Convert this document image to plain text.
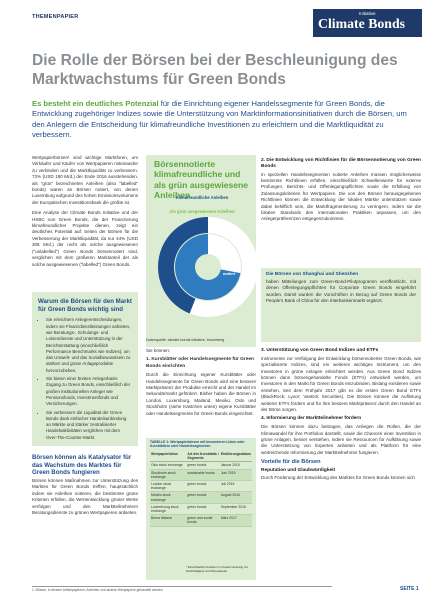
THEMENPAPIER
Initiative
Climate Bonds
Die Rolle der Börsen bei der Beschleunigung des Marktwachstums für Green Bonds

Es besteht ein deutliches Potenzial für die Einrichtung eigener Handelssegmente für Green Bonds, die Entwicklung zugehöriger Indizes sowie die Unterstützung von Marktinformationsinitiativen durch die Börsen, um den Anlegern die Entscheidung für klimafreundliche Investitionen zu erleichtern und die Marktliquidität zu verbessern.

Wertpapierbörsen¹ sind wichtige Marktforen, um Verkäufer und Käufer von Wertpapieren miteinander zu verbinden und die Marktliquidität zu verbessern. 72% (USD 180 Mrd.) der Ende 2016 ausstehenden, als "grün" bezeichneten Anleihen (also "labelled" bonds) waren an Börsen notiert, von denen Luxemburg aufgrund des hohen Emissionsvolumens der Europäischen Investitionsbank die größte ist.

Eine Analyse der Climate Bonds Initiative und der HSBC von Green Bonds, die der Finanzierung klimafreundlicher Projekte dienen, zeigt ein deutliches Potential auf: Seiten der Börsen für die Verbesserung der Marktliquidität, da nur 44% (USD 308 Mrd.) der nicht als solche ausgewiesenen ("unlabelled") Green Bonds börsennotiert sind, verglichen mit dem größeren Marktanteil der als solche ausgewiesenen ("labelled") Green Bonds.

Warum die Börsen für den Markt für Green Bonds wichtig sind
• Sie erleichtern Anlegerentscheidungen, indem sie Finanzdienstleistungen anbieten, wie Beratungs-, Schulungs- und Lotsendienste und Unterstützung in der Berichterstattung (einschließlich Performance Benchmarks wie Indizes), um das Umwelt- und das Sozialbewusstsein zu stärken und grüne Anlageprodukte hervorzuheben.
• Sie bieten einer breiten Anlegerbasis Zugang zu Green Bonds, einschließlich der großen institutionellen Anleger wie Pensionsfonds, Investmentfonds und Versicherungen.
• Sie verbessern die Liquidität der Green Bonds dank einfacher Handelsanbindung an Märkte und stärker zentralisierter Handelsaktivitäten verglichen mit dem Over-The-Counter-Markt.
Börsen können als Katalysator für das Wachstum des Marktes für Green Bonds fungieren
Börsen können Maßnahmen zur Unterstützung des Marktes für Green Bonds treffen, hauptsächlich indem sie Anleihen notieren, die bestimmte grüne Kriterien erfüllen, die Wertentwicklung grüner Werte verfolgen und den Marktteilnehmern Beratungsdienste zu grünen Wertpapieren anbieten.
Börsennotierte klimafreundliche und als grün ausgewiesene Anleihen
Klimafreundliche Anleihen
Als grün ausgewiesene Anleihen
44%
notiert
72%
notiert
Datenquelle: climate bonds initiative, bloomberg

Sie können:

1. Kursblätter oder Handelssegmente für Green Bonds einrichten

Durch die Einrichtung eigener Kursblätter oder Handelssegmente für Green Bonds wird eine bessere Marktpräsenz der Produkte erreicht und der Handel im Sekundärmarkt gefördert. Bisher haben die Börsen in London, Luxemburg, Mailand, Mexiko, Oslo und Stockholm (siehe Kästchen unten) eigene Kursblätter oder Handelssegmente für Green Bonds eingerichtet.

TABELLE 1: Wertpapierbörsen mit besonderen Listen oder Kursblättern oder Handelssegmenten
Wertpapierbörse	Art des Kursblatts / Segments	Einführungsdatum
Oslo stock exchange	green bonds	Januar 2015
Stockholm stock exchange	sustainable bonds	Juni 2015
London stock exchange	green bonds	Juli 2015
Mexiko stock exchange	green bonds	August 2016
Luxembourg stock exchange	green bonds	September 2016
Borsa Italiana	green and social bonds	März 2017
* Einschließlich Anleihen im Zusammenhang mit Nachhaltigkeit und Klimawandel
2. Die Entwicklung von Richtlinien für die Börsennotierung von Green Bonds

In speziellen Handelssegmenten notierte Anleihen müssen möglicherweise bestimmte Richtlinien erfüllen, einschließlich Schwellenwerte für externe Prüfungen, Berichts- und Offenlegungspflichten sowie die Erfüllung von Zulassungskriterien für Wertpapiere. Die von den Börsen herausgegebenen Richtlinien können die Entwicklung der lokalen Märkte unterstützen sowie dabei behilflich sein, die Marktfragmentierung zu verringern, indem sie die lokalen Standards den internationalen Praktiken anpassen, um den Anlegerpräferenzen entgegenzukommen.

Die Börsen von Shanghai und Shenzhen

haben Mitteilungen zum Green-Bond-Pilotprogramm veröffentlicht, mit denen Offenlegungspflichten für Corporate Green Bonds eingeführt wurden. Damit wurden die Vorschriften in Bezug auf Green Bonds der People's Bank of China für den Interbankenmarkt ergänzt.

3. Unterstützung von Green Bond Indizes und ETFs

Instrumente zur Verfolgung der Entwicklung börsennotierter Green Bonds, wie spezialisierte Indizes, sind ein weiteres wichtiges Instrument, um den Investoren in grüne Anlagen erleichtert werden. Aus Green Bond Indizes können dann börsengehandelte Fonds (ETFs) entwickelt werden, um Investoren in den Markt für Green Bonds einzubinden. Bislang existieren sowie erstehen, Seit dem Frühjahr 2017 gibt es die ersten Green Bond ETFs (BlackRock; Lyxor; VanEck Securities). Die Börsen können die Auflistung weiterer ETFs fördern und für ihre bessere Marktpräsenz durch den Handel an der Börse sorgen.

4. Informierung der Marktteilnehmer fördern

Die Börsen können dazu beitragen, das Anliegen die Rollen, die der Klimawandel für ihre Portfolios darstellt, sowie die Chancen einer Investition in grüne Anlagen, besser verstehen, indem sie Ressourcen für Aufklärung sowie die Unterstützung von Experten anbieten und als Plattform für eine weitreichende Informierung der Marktteilnehmer fungieren.

Vorteile für die Börsen
Reputation und Glaubwürdigkeit

Durch Förderung der Entwicklung des Marktes für Green Bonds können sich

1. Börsen, in diesem Artikelpapieren, Anleihen und andere Wertpapiere gehandelt werden	SEITE 1
